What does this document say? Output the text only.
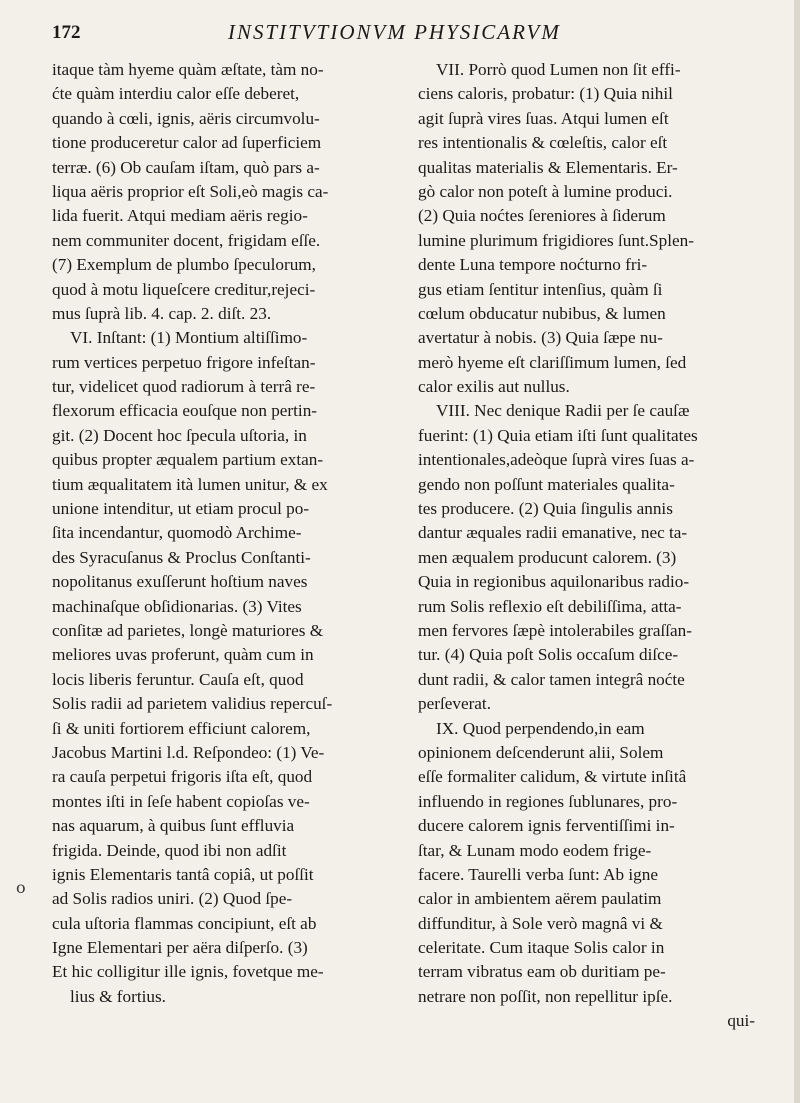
172	INSTITVTIONVM PHYSICARVM
o
itaque tàm hyeme quàm æſtate, tàm no-
ćte quàm interdiu calor eſſe deberet,
quando à cœli, ignis, aëris circumvolu-
tione produceretur calor ad ſuperficiem
terræ. (6) Ob cauſam iſtam, quò pars a-
liqua aëris proprior eſt Soli,eò magis ca-
lida fuerit. Atqui mediam aëris regio-
nem communiter docent, frigidam eſſe.
(7) Exemplum de plumbo ſpeculorum,
quod à motu liqueſcere creditur,rejeci-
mus ſuprà lib. 4. cap. 2. diſt. 23.
VI. Inſtant: (1) Montium altiſſimo-
rum vertices perpetuo frigore infeſtan-
tur, videlicet quod radiorum à terrâ re-
flexorum efficacia eouſque non pertin-
git. (2) Docent hoc ſpecula uſtoria, in
quibus propter æqualem partium extan-
tium æqualitatem ità lumen unitur, & ex
unione intenditur, ut etiam procul po-
ſita incendantur, quomodò Archime-
des Syracuſanus & Proclus Conſtanti-
nopolitanus exuſſerunt hoſtium naves
machinaſque obſidionarias. (3) Vites
conſitæ ad parietes, longè maturiores &
meliores uvas proferunt, quàm cum in
locis liberis feruntur. Cauſa eſt, quod
Solis radii ad parietem validius repercuſ-
ſi & uniti fortiorem efficiunt calorem,
Jacobus Martini l.d. Reſpondeo: (1) Ve-
ra cauſa perpetui frigoris iſta eſt, quod
montes iſti in ſeſe habent copioſas ve-
nas aquarum, à quibus ſunt effluvia
frigida. Deinde, quod ibi non adſit
ignis Elementaris tantâ copiâ, ut poſſit
ad Solis radios uniri. (2) Quod ſpe-
cula uſtoria flammas concipiunt, eſt ab
Igne Elementari per aëra diſperſo. (3)
Et hic colligitur ille ignis, fovetque me-
lius & fortius.
VII. Porrò quod Lumen non ſit effi-
ciens caloris, probatur: (1) Quia nihil
agit ſuprà vires ſuas. Atqui lumen eſt
res intentionalis & cœleſtis, calor eſt
qualitas materialis & Elementaris. Er-
gò calor non poteſt à lumine produci.
(2) Quia noćtes ſereniores à ſiderum
lumine plurimum frigidiores ſunt.Splen-
dente Luna tempore noćturno fri-
gus etiam ſentitur intenſius, quàm ſi
cœlum obducatur nubibus, & lumen
avertatur à nobis. (3) Quia ſæpe nu-
merò hyeme eſt clariſſimum lumen, ſed
calor exilis aut nullus.
VIII. Nec denique Radii per ſe cauſæ
fuerint: (1) Quia etiam iſti ſunt qualitates
intentionales,adeòque ſuprà vires ſuas a-
gendo non poſſunt materiales qualita-
tes producere. (2) Quia ſingulis annis
dantur æquales radii emanative, nec ta-
men æqualem producunt calorem. (3)
Quia in regionibus aquilonaribus radio-
rum Solis reflexio eſt debiliſſima, atta-
men fervores ſæpè intolerabiles graſſan-
tur. (4) Quia poſt Solis occaſum diſce-
dunt radii, & calor tamen integrâ noćte
perſeverat.
IX. Quod perpendendo,in eam
opinionem deſcenderunt alii, Solem
eſſe formaliter calidum, & virtute inſitâ
influendo in regiones ſublunares, pro-
ducere calorem ignis ferventiſſimi in-
ſtar, & Lunam modo eodem frige-
facere. Taurelli verba ſunt: Ab igne
calor in ambientem aërem paulatim
diffunditur, à Sole verò magnâ vi &
celeritate. Cum itaque Solis calor in
terram vibratus eam ob duritiam pe-
netrare non poſſit, non repellitur ipſe.
qui-
